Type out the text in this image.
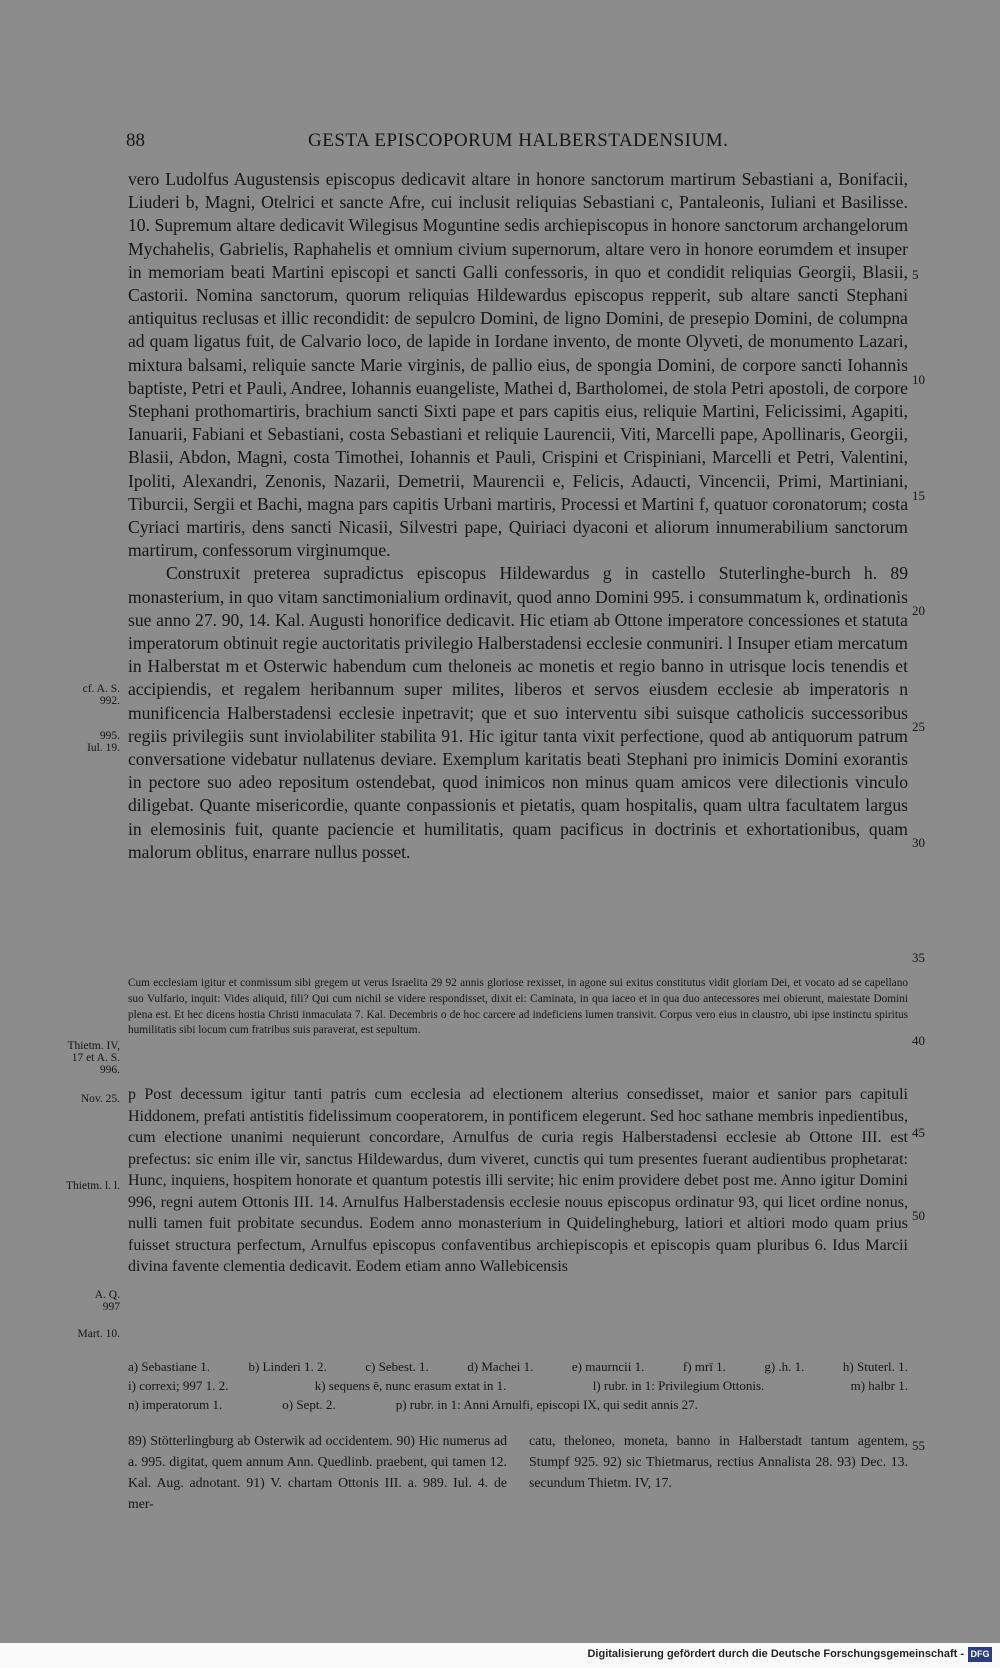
88	GESTA EPISCOPORUM HALBERSTADENSIUM.

vero Ludolfus Augustensis episcopus dedicavit altare in honore sanctorum martirum Sebastiani a, Bonifacii, Liuderi b, Magni, Otelrici et sancte Afre, cui inclusit reliquias Sebastiani c, Pantaleonis, Iuliani et Basilisse. 10. Supremum altare dedicavit Wilegisus Moguntine sedis archiepiscopus in honore sanctorum archangelorum Mychahelis, Gabrielis, Raphahelis et omnium civium supernorum, altare vero in honore eorumdem et insuper in memoriam beati Martini episcopi et sancti Galli confessoris, in quo et condidit reliquias Georgii, Blasii, Castorii. Nomina sanctorum, quorum reliquias Hildewardus episcopus repperit, sub altare sancti Stephani antiquitus reclusas et illic recondidit: de sepulcro Domini, de ligno Domini, de presepio Domini, de columpna ad quam ligatus fuit, de Calvario loco, de lapide in Iordane invento, de monte Olyveti, de monumento Lazari, mixtura balsami, reliquie sancte Marie virginis, de pallio eius, de spongia Domini, de corpore sancti Iohannis baptiste, Petri et Pauli, Andree, Iohannis euangeliste, Mathei d, Bartholomei, de stola Petri apostoli, de corpore Stephani prothomartiris, brachium sancti Sixti pape et pars capitis eius, reliquie Martini, Felicissimi, Agapiti, Ianuarii, Fabiani et Sebastiani, costa Sebastiani et reliquie Laurencii, Viti, Marcelli pape, Apollinaris, Georgii, Blasii, Abdon, Magni, costa Timothei, Iohannis et Pauli, Crispini et Crispiniani, Marcelli et Petri, Valentini, Ipoliti, Alexandri, Zenonis, Nazarii, Demetrii, Maurencii e, Felicis, Adaucti, Vincencii, Primi, Martiniani, Tiburcii, Sergii et Bachi, magna pars capitis Urbani martiris, Processi et Martini f, quatuor coronatorum; costa Cyriaci martiris, dens sancti Nicasii, Silvestri pape, Quiriaci dyaconi et aliorum innumerabilium sanctorum martirum, confessorum virginumque.

Construxit preterea supradictus episcopus Hildewardus g in castello Stuterlinghe-burch h. 89 monasterium, in quo vitam sanctimonialium ordinavit, quod anno Domini 995. i consummatum k, ordinationis sue anno 27. 90, 14. Kal. Augusti honorifice dedicavit. Hic etiam ab Ottone imperatore concessiones et statuta imperatorum obtinuit regie auctoritatis privilegio Halberstadensi ecclesie conmuniri. l Insuper etiam mercatum in Halberstat m et Osterwic habendum cum theloneis ac monetis et regio banno in utrisque locis tenendis et accipiendis, et regalem heribannum super milites, liberos et servos eiusdem ecclesie ab imperatoris n munificencia Halberstadensi ecclesie inpetravit; que et suo interventu sibi suisque catholicis successoribus regiis privilegiis sunt inviolabiliter stabilita 91. Hic igitur tanta vixit perfectione, quod ab antiquorum patrum conversatione videbatur nullatenus deviare. Exemplum karitatis beati Stephani pro inimicis Domini exorantis in pectore suo adeo repositum ostendebat, quod inimicos non minus quam amicos vere dilectionis vinculo diligebat. Quante misericordie, quante conpassionis et pietatis, quam hospitalis, quam ultra facultatem largus in elemosinis fuit, quante paciencie et humilitatis, quam pacificus in doctrinis et exhortationibus, quam malorum oblitus, enarrare nullus posset.

Cum ecclesiam igitur et conmissum sibi gregem ut verus Israelita 29 92 annis gloriose rexisset, in agone sui exitus constitutus vidit gloriam Dei, et vocato ad se capellano suo Vulfario, inquit: Vides aliquid, fili? Qui cum nichil se videre respondisset, dixit ei: Caminata, in qua iaceo et in qua duo antecessores mei obierunt, maiestate Domini plena est. Et hec dicens hostia Christi inmaculata 7. Kal. Decembris o de hoc carcere ad indeficiens lumen transivit. Corpus vero eius in claustro, ubi ipse instinctu spiritus humilitatis sibi locum cum fratribus suis paraverat, est sepultum.
p Post decessum igitur tanti patris cum ecclesia ad electionem alterius consedisset, maior et sanior pars capituli Hiddonem, prefati antistitis fidelissimum cooperatorem, in pontificem elegerunt. Sed hoc sathane membris inpedientibus, cum electione unanimi nequierunt concordare, Arnulfus de curia regis Halberstadensi ecclesie ab Ottone III. est prefectus: sic enim ille vir, sanctus Hildewardus, dum viveret, cunctis qui tum presentes fuerant audientibus prophetarat: Hunc, inquiens, hospitem honorate et quantum potestis illi servite; hic enim providere debet post me. Anno igitur Domini 996, regni autem Ottonis III. 14. Arnulfus Halberstadensis ecclesie nouus episcopus ordinatur 93, qui licet ordine nonus, nulli tamen fuit probitate secundus. Eodem anno monasterium in Quidelingheburg, latiori et altiori modo quam prius fuisset structura perfectum, Arnulfus episcopus confaventibus archiepiscopis et episcopis quam pluribus 6. Idus Marcii divina favente clementia dedicavit. Eodem etiam anno Wallebicensis
5
10
15
20
25
30
35
40
45
50
55
cf. A. S.
992.
995.
Iul. 19.
Thietm. IV,
17 et A. S.
996.
Nov. 25.
Thietm. l. l.
A. Q.
997
Mart. 10.
a) Sebastiane 1.	b) Linderi 1. 2.	c) Sebest. 1.	d) Machei 1.	e) maurncii 1.	f) mrī 1.	g) .h. 1.	h) Stuterl. 1.
i) correxi; 997 1. 2.	k) sequens ē, nunc erasum extat in 1.	l) rubr. in 1: Privilegium Ottonis.	m) halbr 1.
n) imperatorum 1.	o) Sept. 2.	p) rubr. in 1: Anni Arnulfi, episcopi IX, qui sedit annis 27.
89) Stötterlingburg ab Osterwik ad occidentem. 90) Hic numerus ad a. 995. digitat, quem annum Ann. Quedlinb. praebent, qui tamen 12. Kal. Aug. adnotant. 91) V. chartam Ottonis III. a. 989. Iul. 4. de mer-
catu, theloneo, moneta, banno in Halberstadt tantum agentem, Stumpf 925. 92) sic Thietmarus, rectius Annalista 28. 93) Dec. 13. secundum Thietm. IV, 17.
Digitalisierung gefördert durch die Deutsche Forschungsgemeinschaft - DFG
